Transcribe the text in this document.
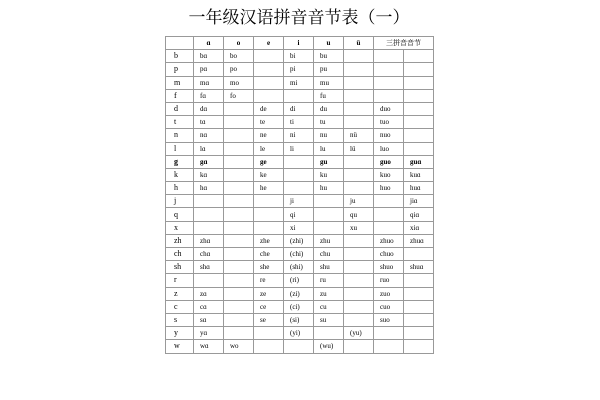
一年级汉语拼音音节表（一）
	ɑ	o	e	i	u	ü	三拼音音节	
b	bɑ	bo		bi	bu			
p	pɑ	po		pi	pu			
m	mɑ	mo		mi	mu			
f	fɑ	fo			fu			
d	dɑ		de	di	du		duo	
t	tɑ		te	ti	tu		tuo	
n	nɑ		ne	ni	nu	nü	nuo	
l	lɑ		le	li	lu	lü	luo	
g	gɑ		ge		gu		guo	guɑ
k	kɑ		ke		ku		kuo	kuɑ
h	hɑ		he		hu		huo	huɑ
j				ji		ju		jiɑ
q				qi		qu		qiɑ
x				xi		xu		xiɑ
zh	zhɑ		zhe	(zhi)	zhu		zhuo	zhuɑ
ch	chɑ		che	(chi)	chu		chuo	
sh	shɑ		she	(shi)	shu		shuo	shuɑ
r			re	(ri)	ru		ruo	
z	zɑ		ze	(zi)	zu		zuo	
c	cɑ		ce	(ci)	cu		cuo	
s	sɑ		se	(si)	su		suo	
y	yɑ			(yi)		(yu)		
w	wɑ	wo			(wu)			
